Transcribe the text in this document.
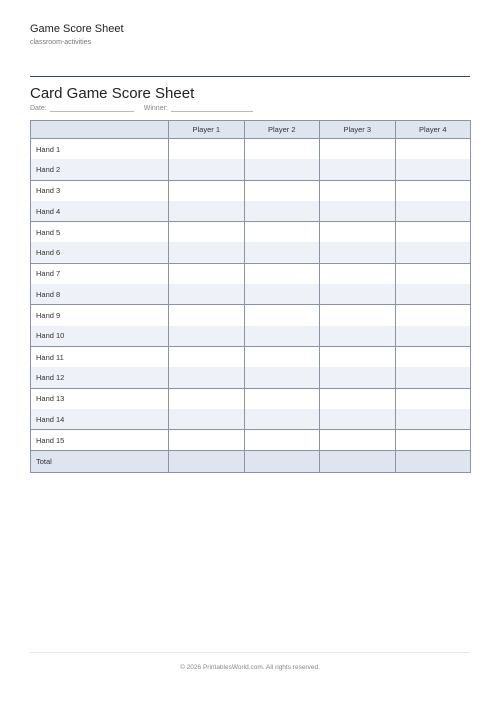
Game Score Sheet
classroom-activities
Card Game Score Sheet
Date:	Winner:
	Player 1	Player 2	Player 3	Player 4
Hand 1				
Hand 2				
Hand 3				
Hand 4				
Hand 5				
Hand 6				
Hand 7				
Hand 8				
Hand 9				
Hand 10				
Hand 11				
Hand 12				
Hand 13				
Hand 14				
Hand 15				
Total				
© 2026 PrintablesWorld.com. All rights reserved.
